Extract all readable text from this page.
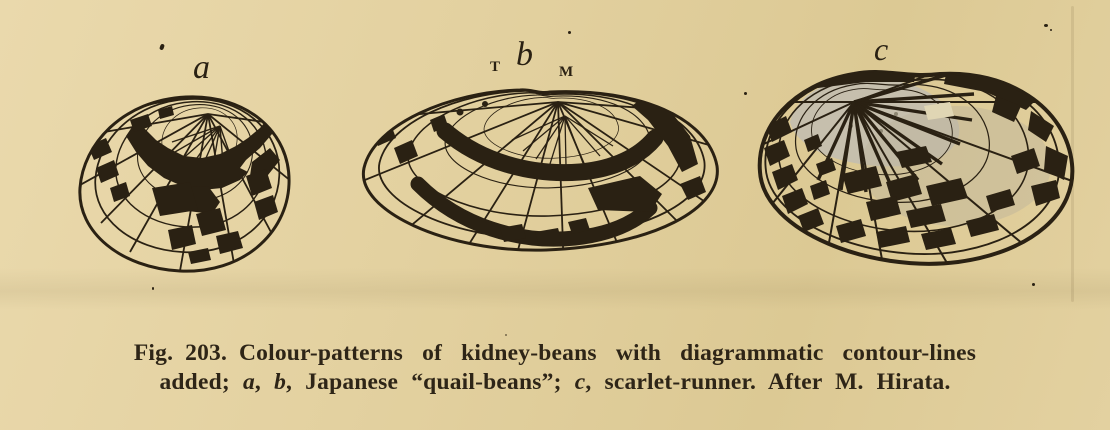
a	b	c
T	M
Fig. 203. Colour-patterns of kidney-beans with diagrammatic contour-lines
added; a, b, Japanese “quail-beans”; c, scarlet-runner. After M. Hirata.
